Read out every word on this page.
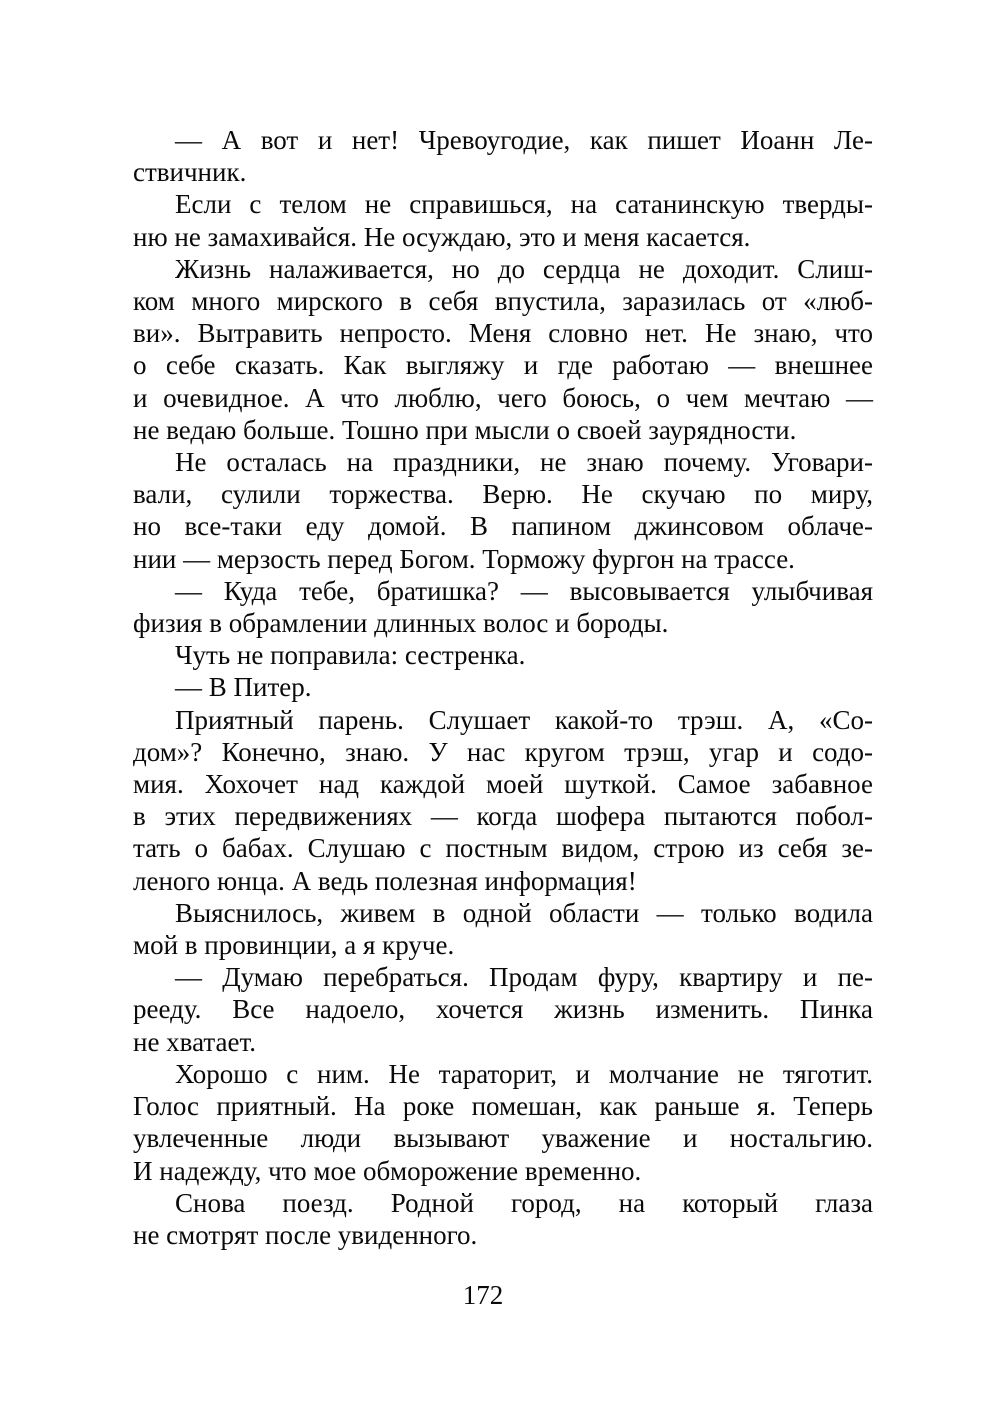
— А вот и нет! Чревоугодие, как пишет Иоанн Ле-
ствичник.
Если с телом не справишься, на сатанинскую тверды-
ню не замахивайся. Не осуждаю, это и меня касается.
Жизнь налаживается, но до сердца не доходит. Слиш-
ком много мирского в себя впустила, заразилась от «люб-
ви». Вытравить непросто. Меня словно нет. Не знаю, что
о себе сказать. Как выгляжу и где работаю — внешнее
и очевидное. А что люблю, чего боюсь, о чем мечтаю —
не ведаю больше. Тошно при мысли о своей заурядности.
Не осталась на праздники, не знаю почему. Уговари-
вали, сулили торжества. Верю. Не скучаю по миру,
но все-таки еду домой. В папином джинсовом облаче-
нии — мерзость перед Богом. Торможу фургон на трассе.
— Куда тебе, братишка? — высовывается улыбчивая
физия в обрамлении длинных волос и бороды.
Чуть не поправила: сестренка.
— В Питер.
Приятный парень. Слушает какой-то трэш. А, «Со-
дом»? Конечно, знаю. У нас кругом трэш, угар и содо-
мия. Хохочет над каждой моей шуткой. Самое забавное
в этих передвижениях — когда шофера пытаются побол-
тать о бабах. Слушаю с постным видом, строю из себя зе-
леного юнца. А ведь полезная информация!
Выяснилось, живем в одной области — только водила
мой в провинции, а я круче.
— Думаю перебраться. Продам фуру, квартиру и пе-
рееду. Все надоело, хочется жизнь изменить. Пинка
не хватает.
Хорошо с ним. Не тараторит, и молчание не тяготит.
Голос приятный. На роке помешан, как раньше я. Теперь
увлеченные люди вызывают уважение и ностальгию.
И надежду, что мое обморожение временно.
Снова поезд. Родной город, на который глаза
не смотрят после увиденного.
172
